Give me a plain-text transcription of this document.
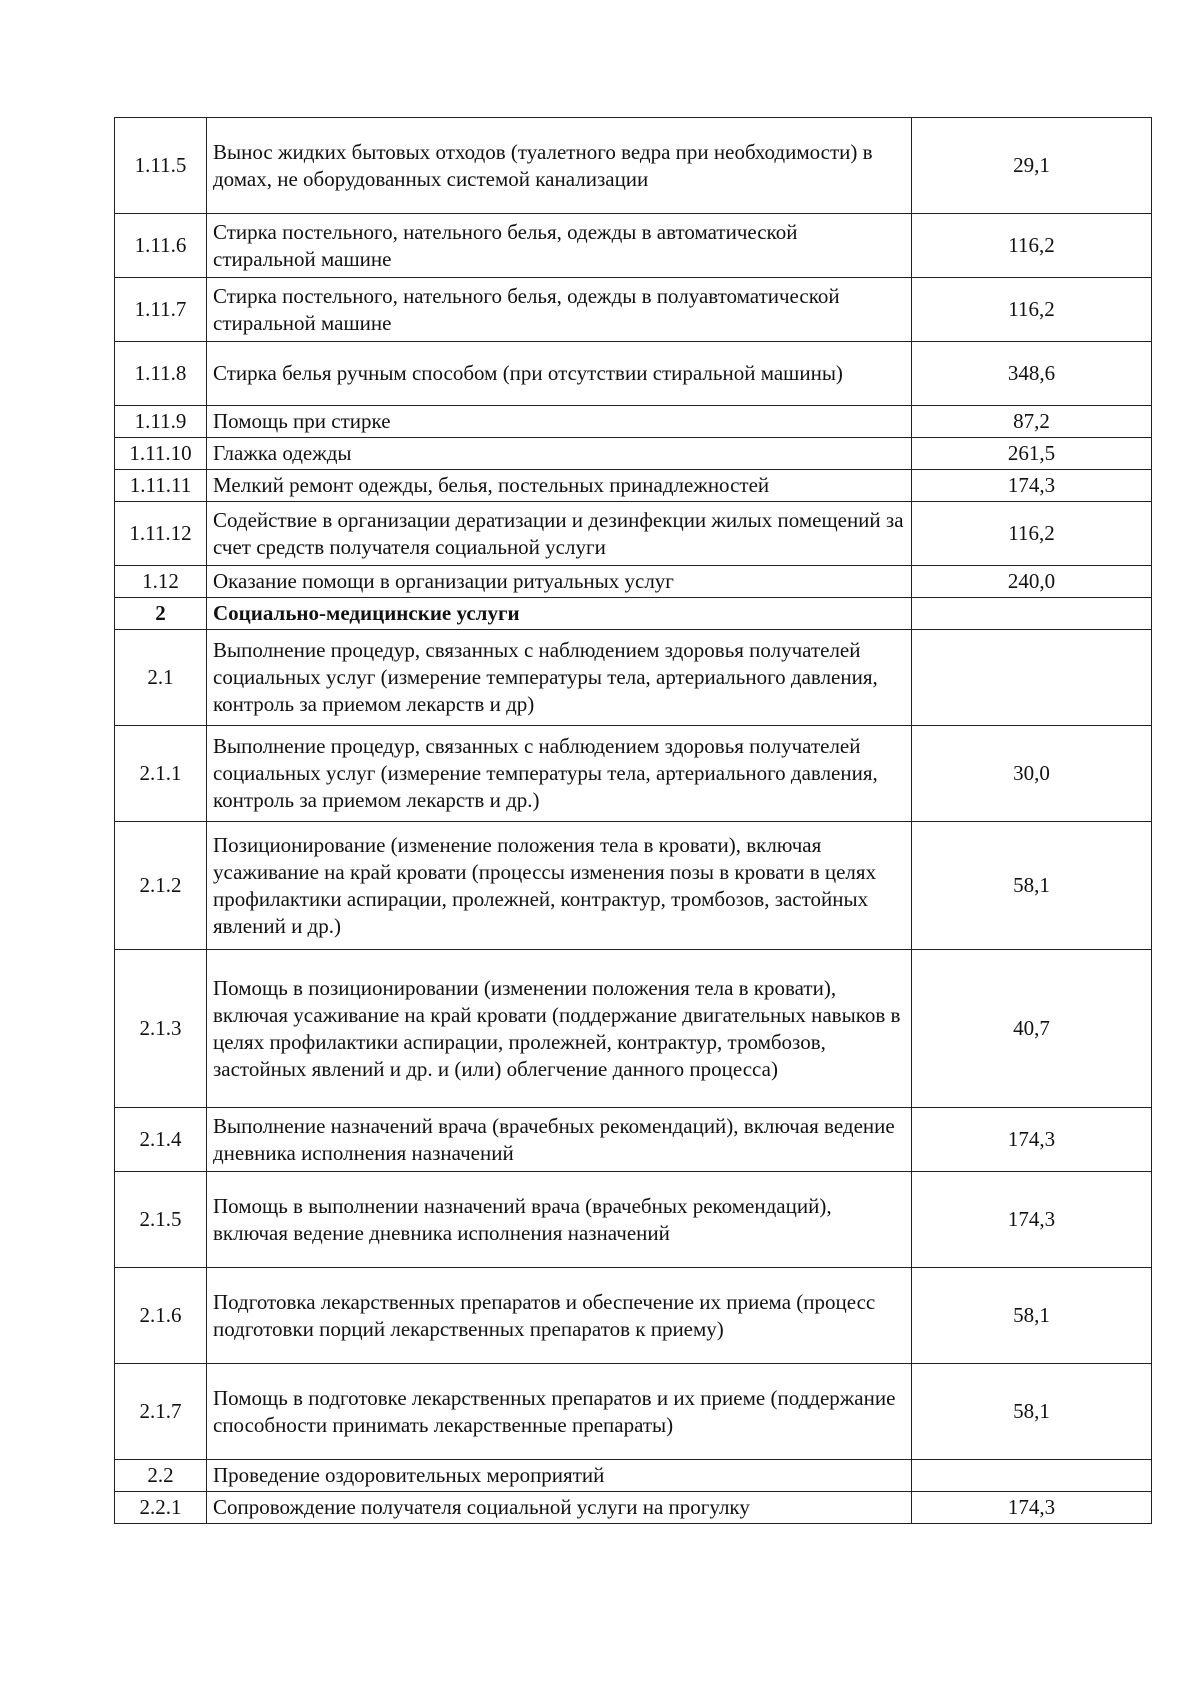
1.11.5	Вынос жидких бытовых отходов (туалетного ведра при необходимости) в домах, не оборудованных системой канализации	29,1
1.11.6	Стирка постельного, нательного белья, одежды в автоматической стиральной машине	116,2
1.11.7	Стирка постельного, нательного белья, одежды в полуавтоматической стиральной машине	116,2
1.11.8	Стирка белья ручным способом (при отсутствии стиральной машины)	348,6
1.11.9	Помощь при стирке	87,2
1.11.10	Глажка одежды	261,5
1.11.11	Мелкий ремонт одежды, белья, постельных принадлежностей	174,3
1.11.12	Содействие в организации дератизации и дезинфекции жилых помещений за счет средств получателя социальной услуги	116,2
1.12	Оказание помощи в организации ритуальных услуг	240,0
2	Социально-медицинские услуги	
2.1	Выполнение процедур, связанных с наблюдением здоровья получателей социальных услуг (измерение температуры тела, артериального давления, контроль за приемом лекарств и др)	
2.1.1	Выполнение процедур, связанных с наблюдением здоровья получателей социальных услуг (измерение температуры тела, артериального давления, контроль за приемом лекарств и др.)	30,0
2.1.2	Позиционирование (изменение положения тела в кровати), включая усаживание на край кровати (процессы изменения позы в кровати в целях профилактики аспирации, пролежней, контрактур, тромбозов, застойных явлений и др.)	58,1
2.1.3	Помощь в позиционировании (изменении положения тела в кровати), включая усаживание на край кровати (поддержание двигательных навыков в целях профилактики аспирации, пролежней, контрактур, тромбозов, застойных явлений и др. и (или) облегчение данного процесса)	40,7
2.1.4	Выполнение назначений врача (врачебных рекомендаций), включая ведение дневника исполнения назначений	174,3
2.1.5	Помощь в выполнении назначений врача (врачебных рекомендаций), включая ведение дневника исполнения назначений	174,3
2.1.6	Подготовка лекарственных препаратов и обеспечение их приема (процесс подготовки порций лекарственных препаратов к приему)	58,1
2.1.7	Помощь в подготовке лекарственных препаратов и их приеме (поддержание способности принимать лекарственные препараты)	58,1
2.2	Проведение оздоровительных мероприятий	
2.2.1	Сопровождение получателя социальной услуги на прогулку	174,3
